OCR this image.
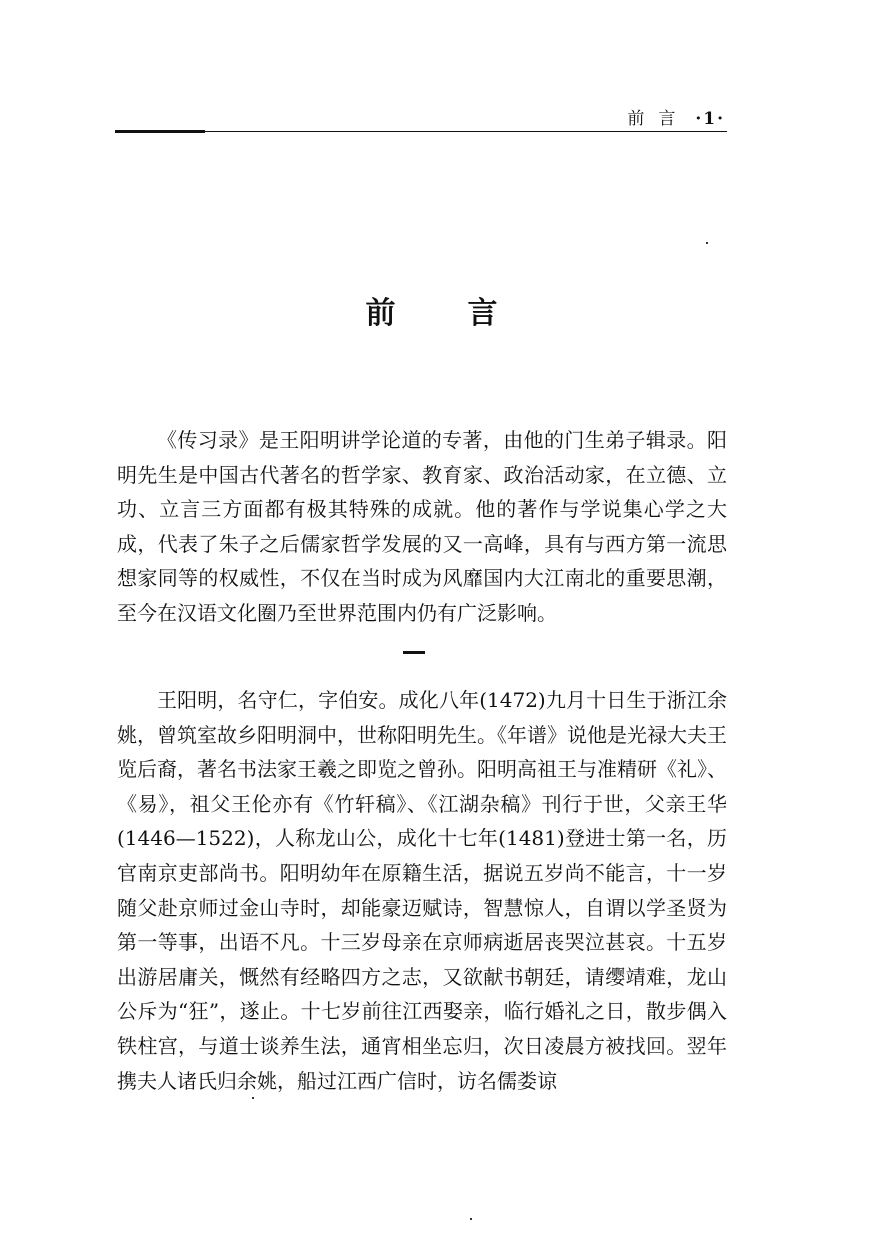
前言 ·1·
前言

《传习录》是王阳明讲学论道的专著，由他的门生弟子辑录。阳明先生是中国古代著名的哲学家、教育家、政治活动家，在立德、立功、立言三方面都有极其特殊的成就。他的著作与学说集心学之大成，代表了朱子之后儒家哲学发展的又一高峰，具有与西方第一流思想家同等的权威性，不仅在当时成为风靡国内大江南北的重要思潮，至今在汉语文化圈乃至世界范围内仍有广泛影响。

王阳明，名守仁，字伯安。成化八年(1472)九月十日生于浙江余姚，曾筑室故乡阳明洞中，世称阳明先生。《年谱》说他是光禄大夫王览后裔，著名书法家王羲之即览之曾孙。阳明高祖王与准精研《礼》、《易》，祖父王伦亦有《竹轩稿》、《江湖杂稿》刊行于世，父亲王华(1446—1522)，人称龙山公，成化十七年(1481)登进士第一名，历官南京吏部尚书。阳明幼年在原籍生活，据说五岁尚不能言，十一岁随父赴京师过金山寺时，却能豪迈赋诗，智慧惊人，自谓以学圣贤为第一等事，出语不凡。十三岁母亲在京师病逝居丧哭泣甚哀。十五岁出游居庸关，慨然有经略四方之志，又欲献书朝廷，请缨靖难，龙山公斥为“狂”，遂止。十七岁前往江西娶亲，临行婚礼之日，散步偶入铁柱宫，与道士谈养生法，通宵相坐忘归，次日凌晨方被找回。翌年携夫人诸氏归余姚，船过江西广信时，访名儒娄谅
